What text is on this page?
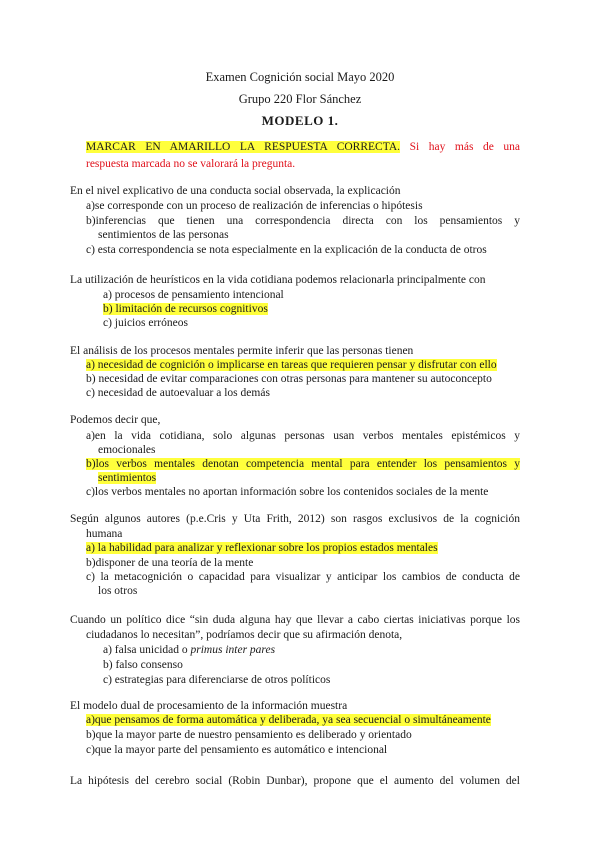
Examen Cognición social Mayo 2020
Grupo 220 Flor Sánchez
MODELO 1.
MARCAR EN AMARILLO LA RESPUESTA CORRECTA. Si hay más de una
respuesta marcada no se valorará la pregunta.
En el nivel explicativo de una conducta social observada, la explicación
a)se corresponde con un proceso de realización de inferencias o hipótesis
b)inferencias que tienen una correspondencia directa con los pensamientos y
sentimientos de las personas
c) esta correspondencia se nota especialmente en la explicación de la conducta de otros
La utilización de heurísticos en la vida cotidiana podemos relacionarla principalmente con
a) procesos de pensamiento intencional
b) limitación de recursos cognitivos
c) juicios erróneos
El análisis de los procesos mentales permite inferir que las personas tienen
a) necesidad de cognición o implicarse en tareas que requieren pensar y disfrutar con ello
b) necesidad de evitar comparaciones con otras personas para mantener su autoconcepto
c) necesidad de autoevaluar a los demás
Podemos decir que,
a)en la vida cotidiana, solo algunas personas usan verbos mentales epistémicos y
emocionales
b)los verbos mentales denotan competencia mental para entender los pensamientos y
sentimientos
c)los verbos mentales no aportan información sobre los contenidos sociales de la mente
Según algunos autores (p.e.Cris y Uta Frith, 2012) son rasgos exclusivos de la cognición
humana
a) la habilidad para analizar y reflexionar sobre los propios estados mentales
b)disponer de una teoría de la mente
c) la metacognición o capacidad para visualizar y anticipar los cambios de conducta de
los otros
Cuando un político dice “sin duda alguna hay que llevar a cabo ciertas iniciativas porque los
ciudadanos lo necesitan”, podríamos decir que su afirmación denota,
a) falsa unicidad o primus inter pares
b) falso consenso
c) estrategias para diferenciarse de otros políticos
El modelo dual de procesamiento de la información muestra
a)que pensamos de forma automática y deliberada, ya sea secuencial o simultáneamente
b)que la mayor parte de nuestro pensamiento es deliberado y orientado
c)que la mayor parte del pensamiento es automático e intencional
La hipótesis del cerebro social (Robin Dunbar), propone que el aumento del volumen del
